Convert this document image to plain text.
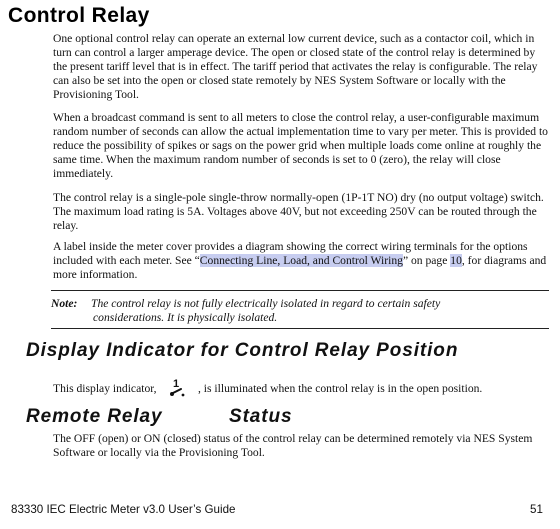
Control Relay

One optional control relay can operate an external low current device, such as a contactor coil, which in turn can control a larger amperage device. The open or closed state of the control relay is determined by the present tariff level that is in effect. The tariff period that activates the relay is configurable. The relay can also be set into the open or closed state remotely by NES System Software or locally with the Provisioning Tool.

When a broadcast command is sent to all meters to close the control relay, a user-configurable maximum random number of seconds can allow the actual implementation time to vary per meter. This is provided to reduce the possibility of spikes or sags on the power grid when multiple loads come online at roughly the same time. When the maximum random number of seconds is set to 0 (zero), the relay will close immediately.

The control relay is a single-pole single-throw normally-open (1P-1T NO) dry (no output voltage) switch. The maximum load rating is 5A. Voltages above 40V, but not exceeding 250V can be routed through the relay.

A label inside the meter cover provides a diagram showing the correct wiring terminals for the options included with each meter. See “Connecting Line, Load, and Control Wiring” on page 10, for diagrams and more information.

Note: The control relay is not fully electrically isolated in regard to certain safety
considerations. It is physically isolated.
Display Indicator for Control Relay Position

This display indicator,	1 , is illuminated when the control relay is in the open position.

Remote Relay	Status

The OFF (open) or ON (closed) status of the control relay can be determined remotely via NES System Software or locally via the Provisioning Tool.

83330 IEC Electric Meter v3.0 User’s Guide	51
